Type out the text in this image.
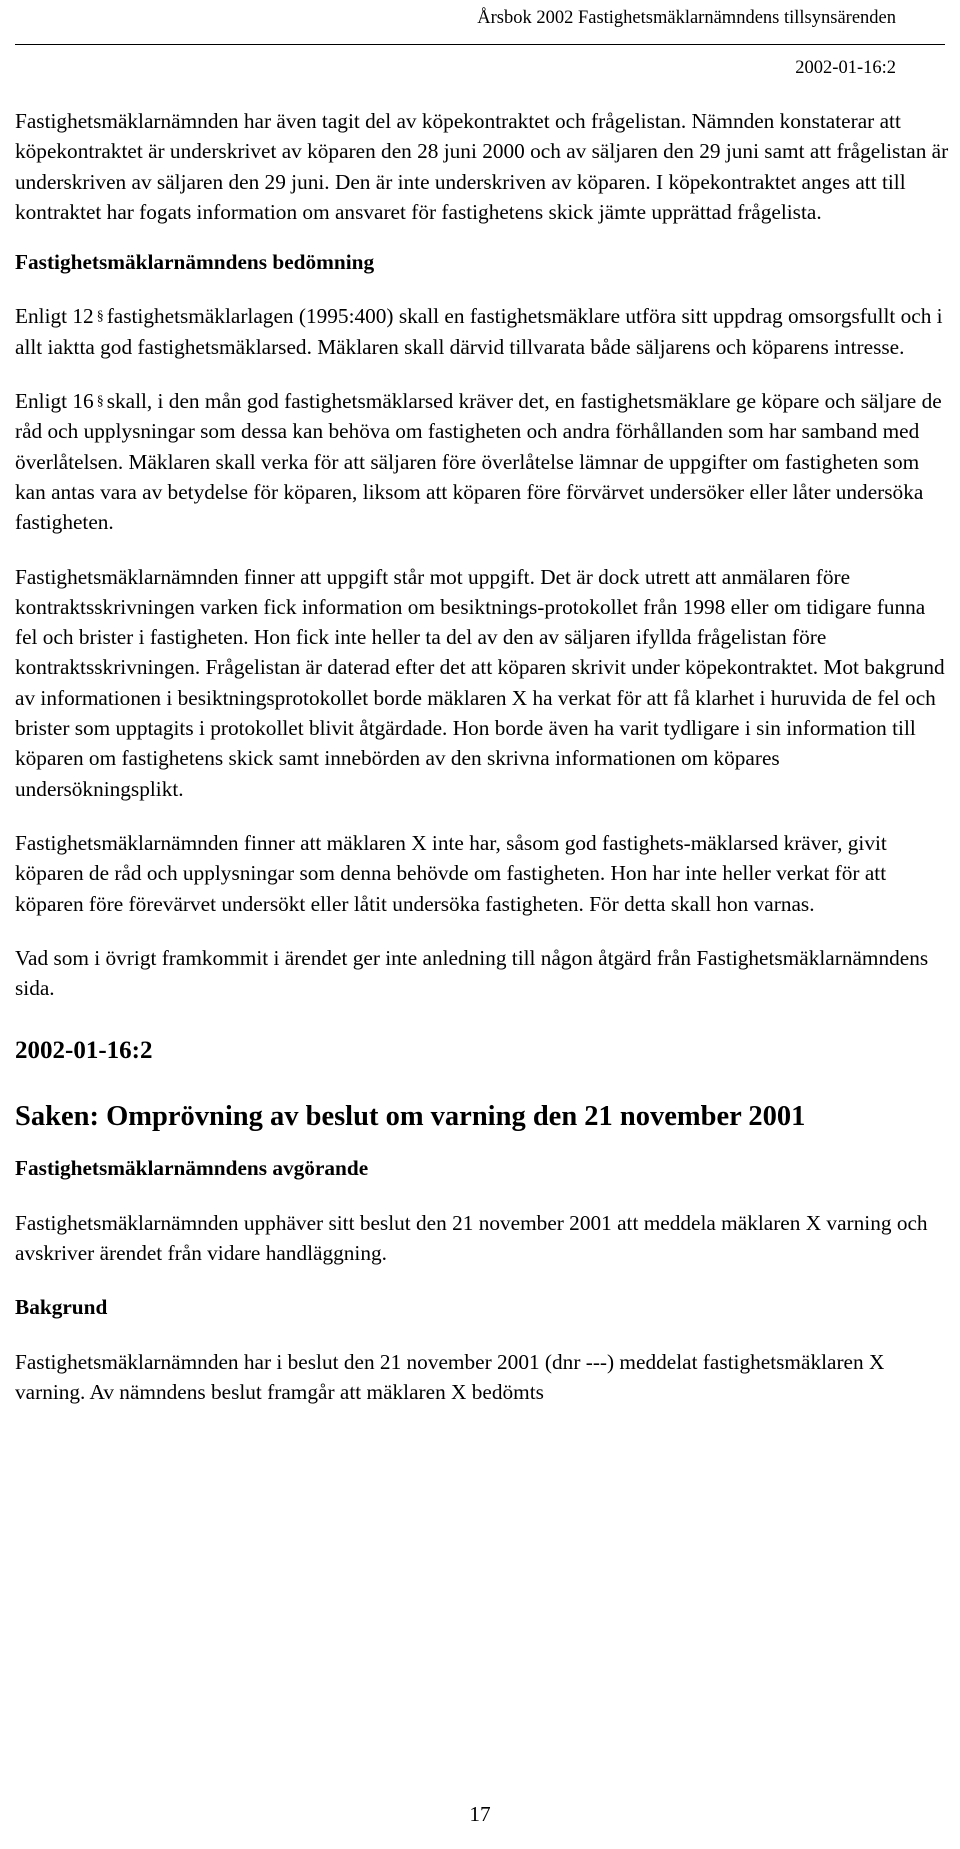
Årsbok 2002 Fastighetsmäklarnämndens tillsynsärenden
2002-01-16:2

Fastighetsmäklarnämnden har även tagit del av köpekontraktet och frågelistan. Nämnden konstaterar att köpekontraktet är underskrivet av köparen den 28 juni 2000 och av säljaren den 29 juni samt att frågelistan är underskriven av säljaren den 29 juni. Den är inte underskriven av köparen. I köpekontraktet anges att till kontraktet har fogats information om ansvaret för fastighetens skick jämte upprättad frågelista.

Fastighetsmäklarnämndens bedömning

Enligt 12 § fastighetsmäklarlagen (1995:400) skall en fastighetsmäklare utföra sitt uppdrag omsorgsfullt och i allt iaktta god fastighetsmäklarsed. Mäklaren skall därvid tillvarata både säljarens och köparens intresse.

Enligt 16 § skall, i den mån god fastighetsmäklarsed kräver det, en fastighetsmäklare ge köpare och säljare de råd och upplysningar som dessa kan behöva om fastigheten och andra förhållanden som har samband med överlåtelsen. Mäklaren skall verka för att säljaren före överlåtelse lämnar de uppgifter om fastigheten som kan antas vara av betydelse för köparen, liksom att köparen före förvärvet undersöker eller låter undersöka fastigheten.

Fastighetsmäklarnämnden finner att uppgift står mot uppgift. Det är dock utrett att anmälaren före kontraktsskrivningen varken fick information om besiktnings-protokollet från 1998 eller om tidigare funna fel och brister i fastigheten. Hon fick inte heller ta del av den av säljaren ifyllda frågelistan före kontraktsskrivningen. Frågelistan är daterad efter det att köparen skrivit under köpekontraktet. Mot bakgrund av informationen i besiktningsprotokollet borde mäklaren X ha verkat för att få klarhet i huruvida de fel och brister som upptagits i protokollet blivit åtgärdade. Hon borde även ha varit tydligare i sin information till köparen om fastighetens skick samt innebörden av den skrivna informationen om köpares undersökningsplikt.

Fastighetsmäklarnämnden finner att mäklaren X inte har, såsom god fastighets-mäklarsed kräver, givit köparen de råd och upplysningar som denna behövde om fastigheten. Hon har inte heller verkat för att köparen före förevärvet undersökt eller låtit undersöka fastigheten. För detta skall hon varnas.

Vad som i övrigt framkommit i ärendet ger inte anledning till någon åtgärd från Fastighetsmäklarnämndens sida.

2002-01-16:2

Saken: Omprövning av beslut om varning den 21 november 2001

Fastighetsmäklarnämndens avgörande

Fastighetsmäklarnämnden upphäver sitt beslut den 21 november 2001 att meddela mäklaren X varning och avskriver ärendet från vidare handläggning.

Bakgrund

Fastighetsmäklarnämnden har i beslut den 21 november 2001 (dnr ---) meddelat fastighetsmäklaren X varning. Av nämndens beslut framgår att mäklaren X bedömts

17
